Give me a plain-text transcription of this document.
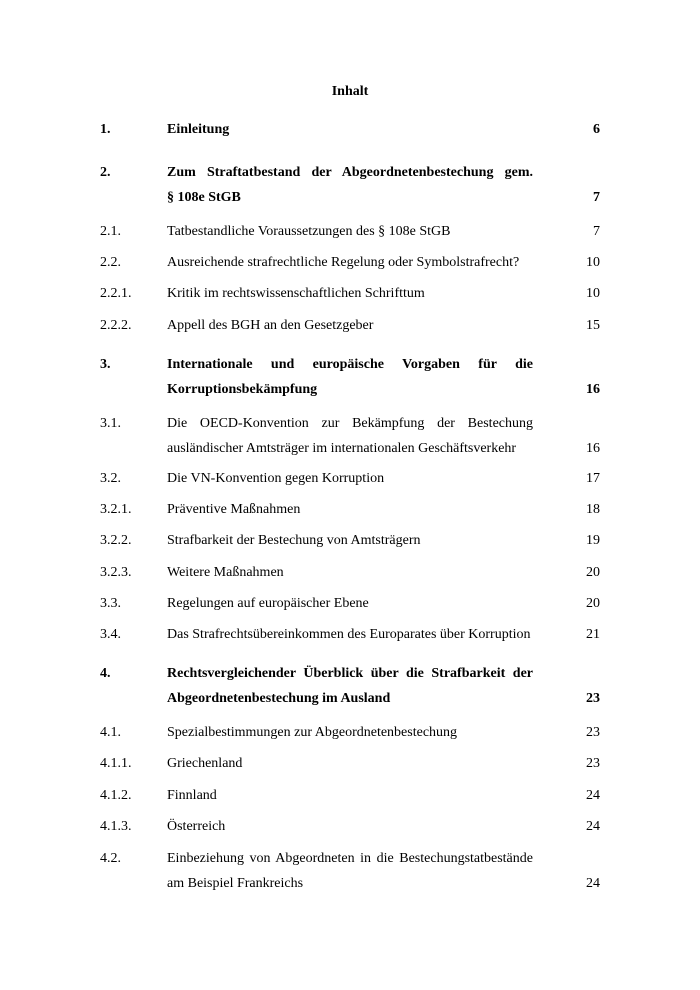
Inhalt
1.	Einleitung	6
2.	Zum Straftatbestand der Abgeordnetenbestechung gem.
§ 108e StGB	7
2.1.	Tatbestandliche Voraussetzungen des § 108e StGB	7
2.2.	Ausreichende strafrechtliche Regelung oder Symbolstrafrecht?	10
2.2.1.	Kritik im rechtswissenschaftlichen Schrifttum	10
2.2.2.	Appell des BGH an den Gesetzgeber	15
3.	Internationale und europäische Vorgaben für die
Korruptionsbekämpfung	16
3.1.	Die OECD-Konvention zur Bekämpfung der Bestechung
ausländischer Amtsträger im internationalen Geschäftsverkehr	16
3.2.	Die VN-Konvention gegen Korruption	17
3.2.1.	Präventive Maßnahmen	18
3.2.2.	Strafbarkeit der Bestechung von Amtsträgern	19
3.2.3.	Weitere Maßnahmen	20
3.3.	Regelungen auf europäischer Ebene	20
3.4.	Das Strafrechtsübereinkommen des Europarates über Korruption	21
4.	Rechtsvergleichender Überblick über die Strafbarkeit der
Abgeordnetenbestechung im Ausland	23
4.1.	Spezialbestimmungen zur Abgeordnetenbestechung	23
4.1.1.	Griechenland	23
4.1.2.	Finnland	24
4.1.3.	Österreich	24
4.2.	Einbeziehung von Abgeordneten in die Bestechungstatbestände
am Beispiel Frankreichs	24
